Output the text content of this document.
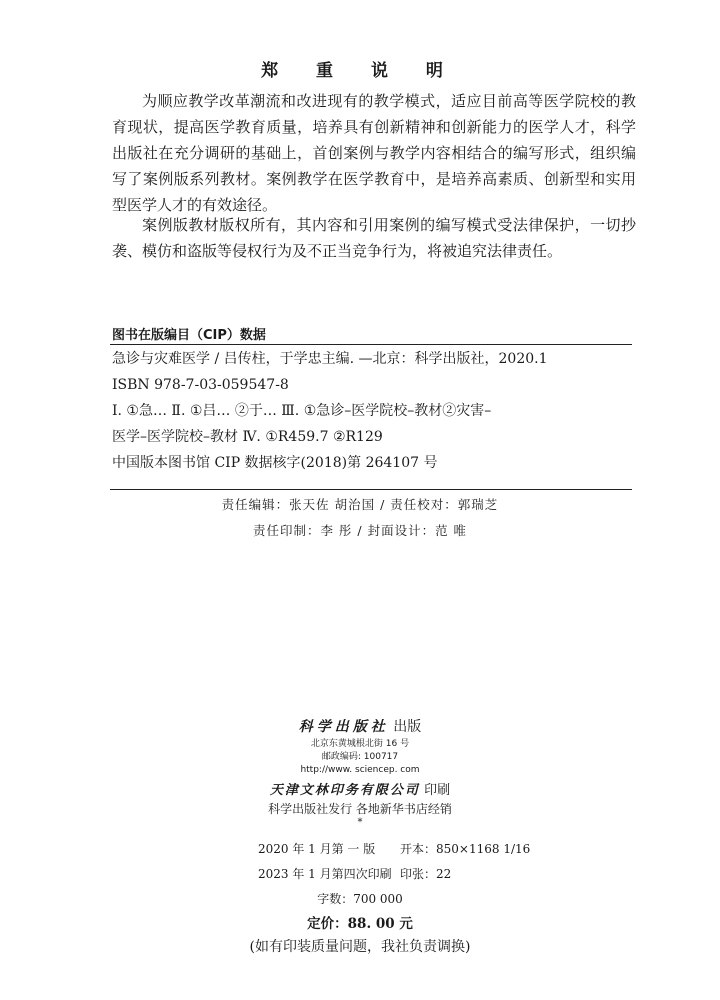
郑 重 说 明
为顺应教学改革潮流和改进现有的教学模式，适应目前高等医学院校的教育现状，提高医学教育质量，培养具有创新精神和创新能力的医学人才，科学出版社在充分调研的基础上，首创案例与教学内容相结合的编写形式，组织编写了案例版系列教材。案例教学在医学教育中，是培养高素质、创新型和实用型医学人才的有效途径。
案例版教材版权所有，其内容和引用案例的编写模式受法律保护，一切抄袭、模仿和盗版等侵权行为及不正当竞争行为，将被追究法律责任。
图书在版编目（CIP）数据
急诊与灾难医学 / 吕传柱，于学忠主编. —北京：科学出版社，2020.1
ISBN 978-7-03-059547-8
Ⅰ. ①急… Ⅱ. ①吕… ②于… Ⅲ. ①急诊–医学院校–教材②灾害–
医学–医学院校–教材 Ⅳ. ①R459.7 ②R129
中国版本图书馆 CIP 数据核字(2018)第 264107 号
责任编辑：张天佐 胡治国 / 责任校对：郭瑞芝
责任印制：李 彤 / 封面设计：范 唯
科学出版社 出版
北京东黄城根北街 16 号
邮政编码: 100717
http://www. sciencep. com
天津文林印务有限公司 印刷
科学出版社发行 各地新华书店经销
*
2020 年 1 月第 一 版 开本：850×1168 1/16
2023 年 1 月第四次印刷 印张：22
字数：700 000
定价：88. 00 元
(如有印装质量问题，我社负责调换)
